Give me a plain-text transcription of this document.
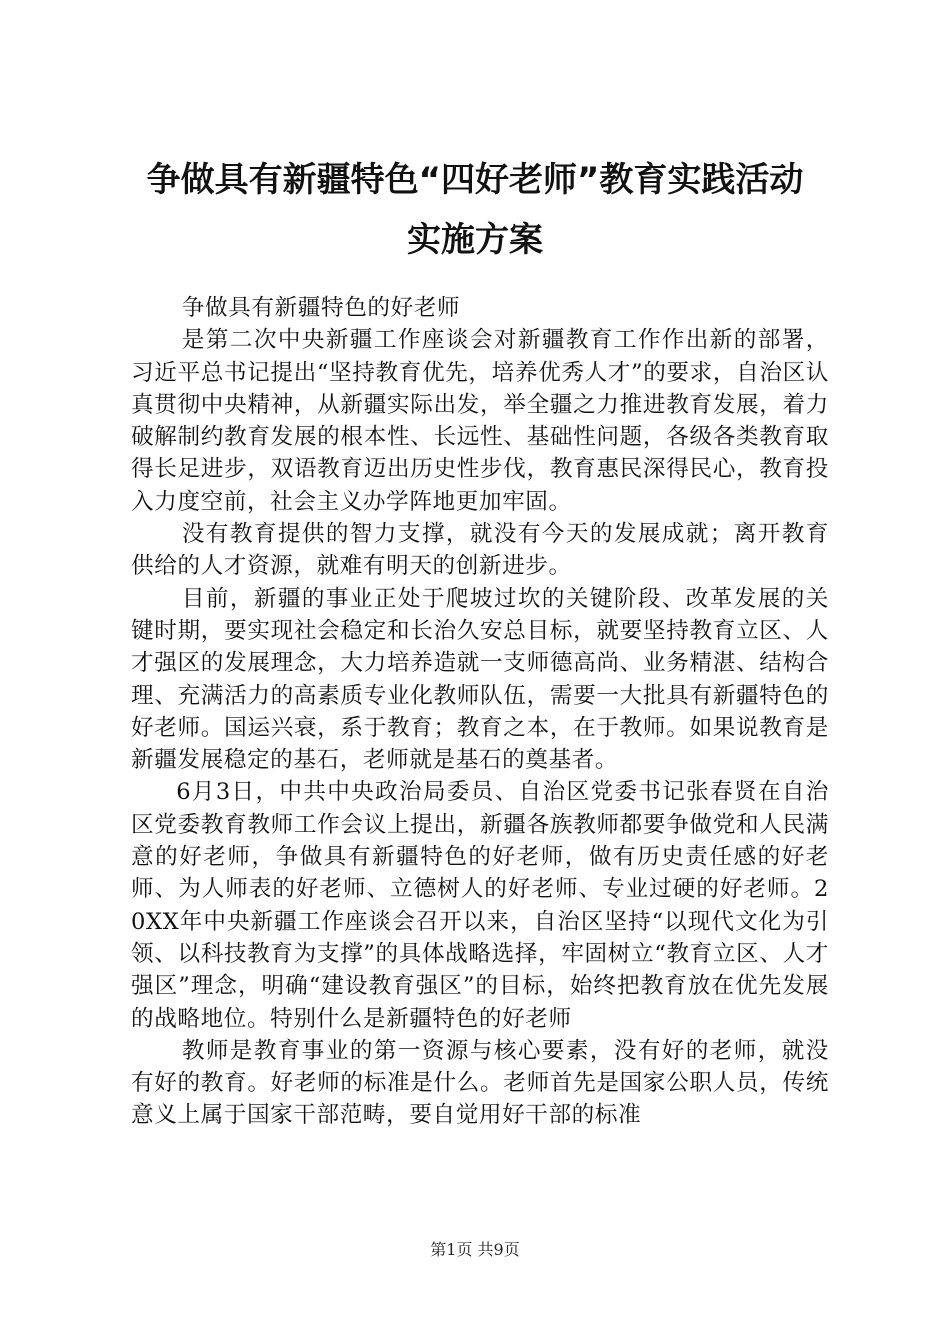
争做具有新疆特色“四好老师”教育实践活动
实施方案

争做具有新疆特色的好老师

是第二次中央新疆工作座谈会对新疆教育工作作出新的部署，习近平总书记提出“坚持教育优先，培养优秀人才”的要求，自治区认真贯彻中央精神，从新疆实际出发，举全疆之力推进教育发展，着力破解制约教育发展的根本性、长远性、基础性问题，各级各类教育取得长足进步，双语教育迈出历史性步伐，教育惠民深得民心，教育投入力度空前，社会主义办学阵地更加牢固。

没有教育提供的智力支撑，就没有今天的发展成就；离开教育供给的人才资源，就难有明天的创新进步。

目前，新疆的事业正处于爬坡过坎的关键阶段、改革发展的关键时期，要实现社会稳定和长治久安总目标，就要坚持教育立区、人才强区的发展理念，大力培养造就一支师德高尚、业务精湛、结构合理、充满活力的高素质专业化教师队伍，需要一大批具有新疆特色的好老师。国运兴衰，系于教育；教育之本，在于教师。如果说教育是新疆发展稳定的基石，老师就是基石的奠基者。

6月3日，中共中央政治局委员、自治区党委书记张春贤在自治区党委教育教师工作会议上提出，新疆各族教师都要争做党和人民满意的好老师，争做具有新疆特色的好老师，做有历史责任感的好老师、为人师表的好老师、立德树人的好老师、专业过硬的好老师。20XX年中央新疆工作座谈会召开以来，自治区坚持“以现代文化为引领、以科技教育为支撑”的具体战略选择，牢固树立“教育立区、人才强区”理念，明确“建设教育强区”的目标，始终把教育放在优先发展的战略地位。特别什么是新疆特色的好老师

教师是教育事业的第一资源与核心要素，没有好的老师，就没有好的教育。好老师的标准是什么。老师首先是国家公职人员，传统意义上属于国家干部范畴，要自觉用好干部的标准

第1页 共9页
